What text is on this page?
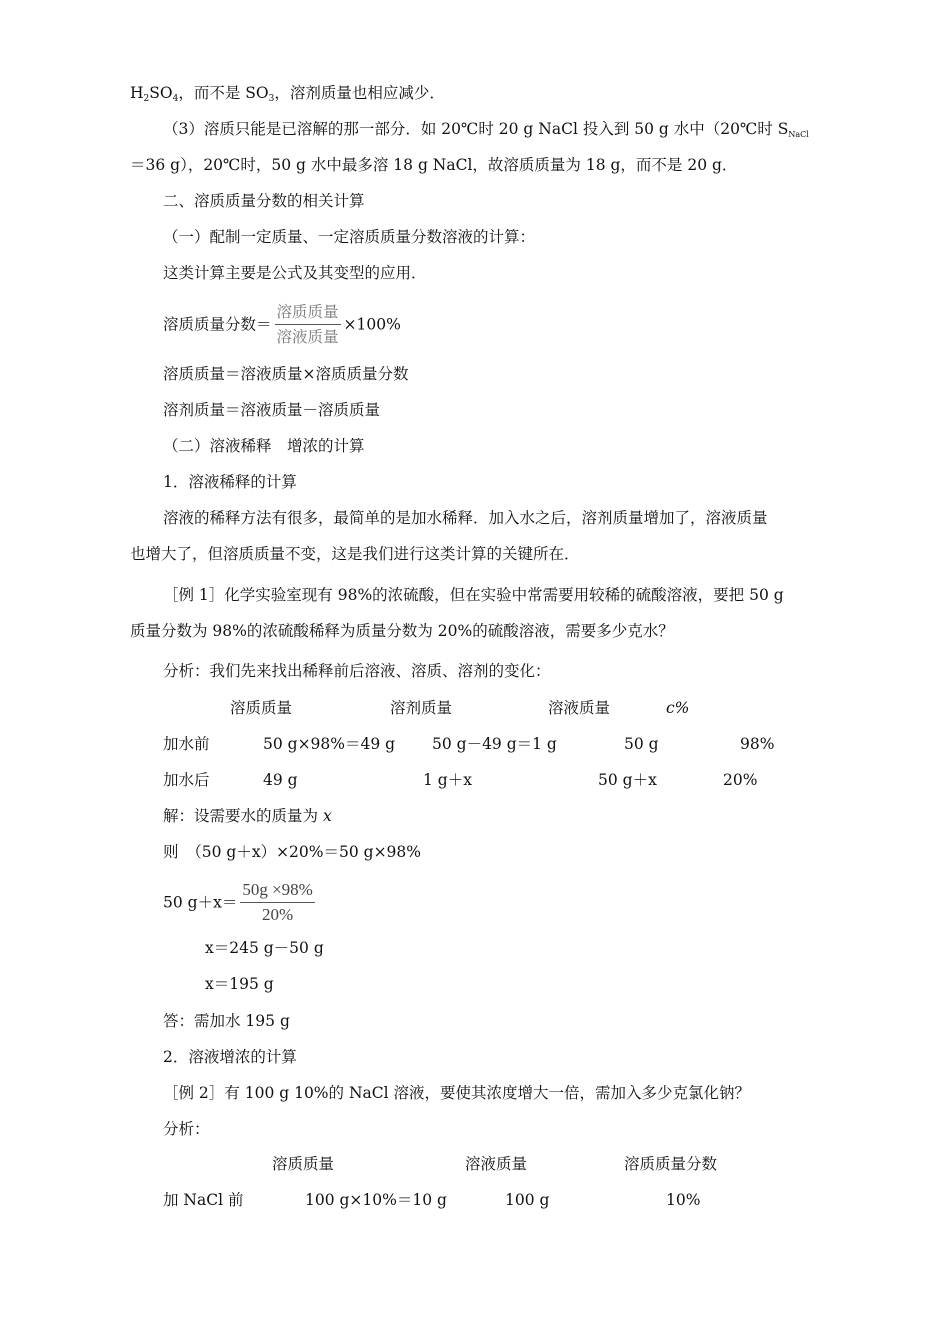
$H_2SO_4$，而不是 $SO_3$，溶剂质量也相应减少．
（3）溶质只能是已溶解的那一部分．如 20℃时 20 g NaCl 投入到 50 g 水中（20℃时 SNaCl
＝36 g），20℃时，50 g 水中最多溶 18 g NaCl，故溶质质量为 18 g，而不是 20 g．
二、溶质质量分数的相关计算
（一）配制一定质量、一定溶质质量分数溶液的计算：
这类计算主要是公式及其变型的应用．
溶质质量分数＝ $\frac{\text{溶质质量}}{\text{溶液质量}} \times 100\%$
溶质质量＝溶液质量×溶质质量分数
溶剂质量＝溶液质量－溶质质量
（二）溶液稀释　增浓的计算
1．溶液稀释的计算
溶液的稀释方法有很多，最简单的是加水稀释．加入水之后，溶剂质量增加了，溶液质量
也增大了，但溶质质量不变，这是我们进行这类计算的关键所在．
［例 1］化学实验室现有 98%的浓硫酸，但在实验中常需要用较稀的硫酸溶液，要把 50 g
质量分数为 98%的浓硫酸稀释为质量分数为 20%的硫酸溶液，需要多少克水？
分析：我们先来找出稀释前后溶液、溶质、溶剂的变化：
溶质质量	溶剂质量	溶液质量	c%
加水前	50 g×98%＝49 g 50 g－49 g＝1 g	50 g	98%
加水后	49 g	1 g＋x	50 g＋x	20%
解：设需要水的质量为 x
则　（50 g＋x）×20%＝50 g×98%
50 $g+x= \frac{50g \times 98\%}{20\%}$
x＝245 g－50 g
x＝195 g
答：需加水 195 g
2．溶液增浓的计算
［例 2］有 100 g 10%的 NaCl 溶液，要使其浓度增大一倍，需加入多少克氯化钠？
分析：
溶质质量	溶液质量	溶质质量分数
加 NaCl 前	100 g×10%＝10 g	100 g	10%
